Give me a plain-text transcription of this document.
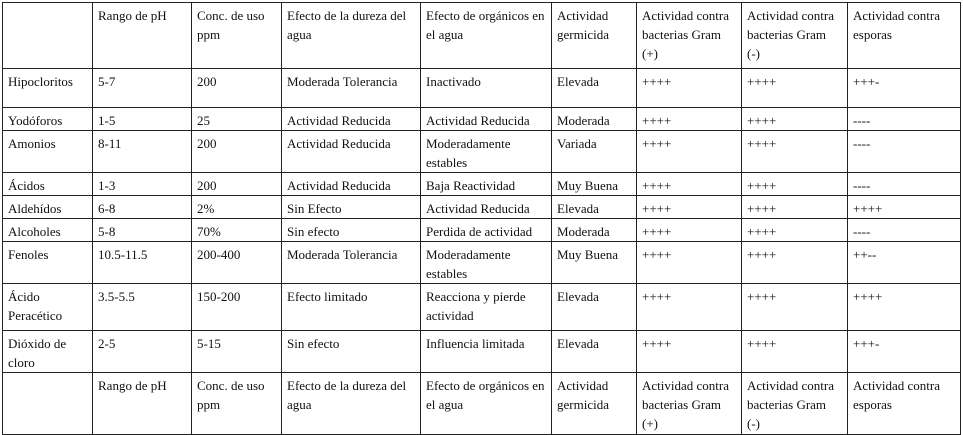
	Rango de pH	Conc. de uso ppm	Efecto de la dureza del agua	Efecto de orgánicos en el agua	Actividad germicida	Actividad contra bacterias Gram (+)	Actividad contra bacterias Gram (-)	Actividad contra esporas
Hipocloritos	5-7	200	Moderada Tolerancia	Inactivado	Elevada	++++	++++	+++-
Yodóforos	1-5	25	Actividad Reducida	Actividad Reducida	Moderada	++++	++++	----
Amonios	8-11	200	Actividad Reducida	Moderadamente estables	Variada	++++	++++	----
Ácidos	1-3	200	Actividad Reducida	Baja Reactividad	Muy Buena	++++	++++	----
Aldehídos	6-8	2%	Sin Efecto	Actividad Reducida	Elevada	++++	++++	++++
Alcoholes	5-8	70%	Sin efecto	Perdida de actividad	Moderada	++++	++++	----
Fenoles	10.5-11.5	200-400	Moderada Tolerancia	Moderadamente estables	Muy Buena	++++	++++	++--
Ácido Peracético	3.5-5.5	150-200	Efecto limitado	Reacciona y pierde actividad	Elevada	++++	++++	++++
Dióxido de cloro	2-5	5-15	Sin efecto	Influencia limitada	Elevada	++++	++++	+++-
	Rango de pH	Conc. de uso ppm	Efecto de la dureza del agua	Efecto de orgánicos en el agua	Actividad germicida	Actividad contra bacterias Gram (+)	Actividad contra bacterias Gram (-)	Actividad contra esporas
